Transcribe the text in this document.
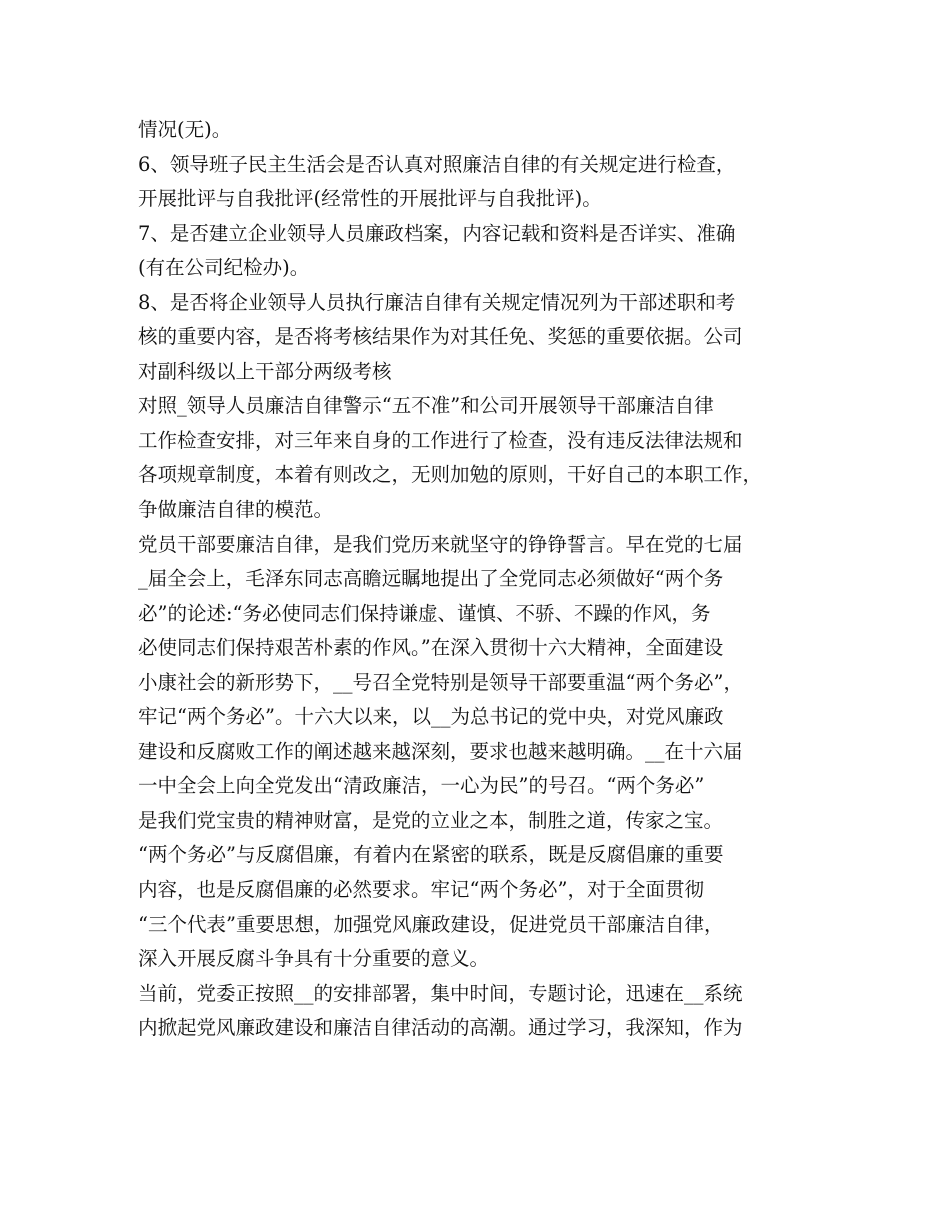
情况(无)。
6、领导班子民主生活会是否认真对照廉洁自律的有关规定进行检查，
开展批评与自我批评(经常性的开展批评与自我批评)。
7、是否建立企业领导人员廉政档案，内容记载和资料是否详实、准确
(有在公司纪检办)。
8、是否将企业领导人员执行廉洁自律有关规定情况列为干部述职和考
核的重要内容，是否将考核结果作为对其任免、奖惩的重要依据。公司
对副科级以上干部分两级考核
对照_领导人员廉洁自律警示“五不准”和公司开展领导干部廉洁自律
工作检查安排，对三年来自身的工作进行了检查，没有违反法律法规和
各项规章制度，本着有则改之，无则加勉的原则，干好自己的本职工作，
争做廉洁自律的模范。
党员干部要廉洁自律，是我们党历来就坚守的铮铮誓言。早在党的七届
_届全会上，毛泽东同志高瞻远瞩地提出了全党同志必须做好“两个务
必”的论述:“务必使同志们保持谦虚、谨慎、不骄、不躁的作风，务
必使同志们保持艰苦朴素的作风。”在深入贯彻十六大精神，全面建设
小康社会的新形势下，__号召全党特别是领导干部要重温“两个务必”，
牢记“两个务必”。十六大以来，以__为总书记的党中央，对党风廉政
建设和反腐败工作的阐述越来越深刻，要求也越来越明确。__在十六届
一中全会上向全党发出“清政廉洁，一心为民”的号召。“两个务必”
是我们党宝贵的精神财富，是党的立业之本，制胜之道，传家之宝。
“两个务必”与反腐倡廉，有着内在紧密的联系，既是反腐倡廉的重要
内容，也是反腐倡廉的必然要求。牢记“两个务必”，对于全面贯彻
“三个代表”重要思想，加强党风廉政建设，促进党员干部廉洁自律，
深入开展反腐斗争具有十分重要的意义。
当前，党委正按照__的安排部署，集中时间，专题讨论，迅速在__系统
内掀起党风廉政建设和廉洁自律活动的高潮。通过学习，我深知，作为
